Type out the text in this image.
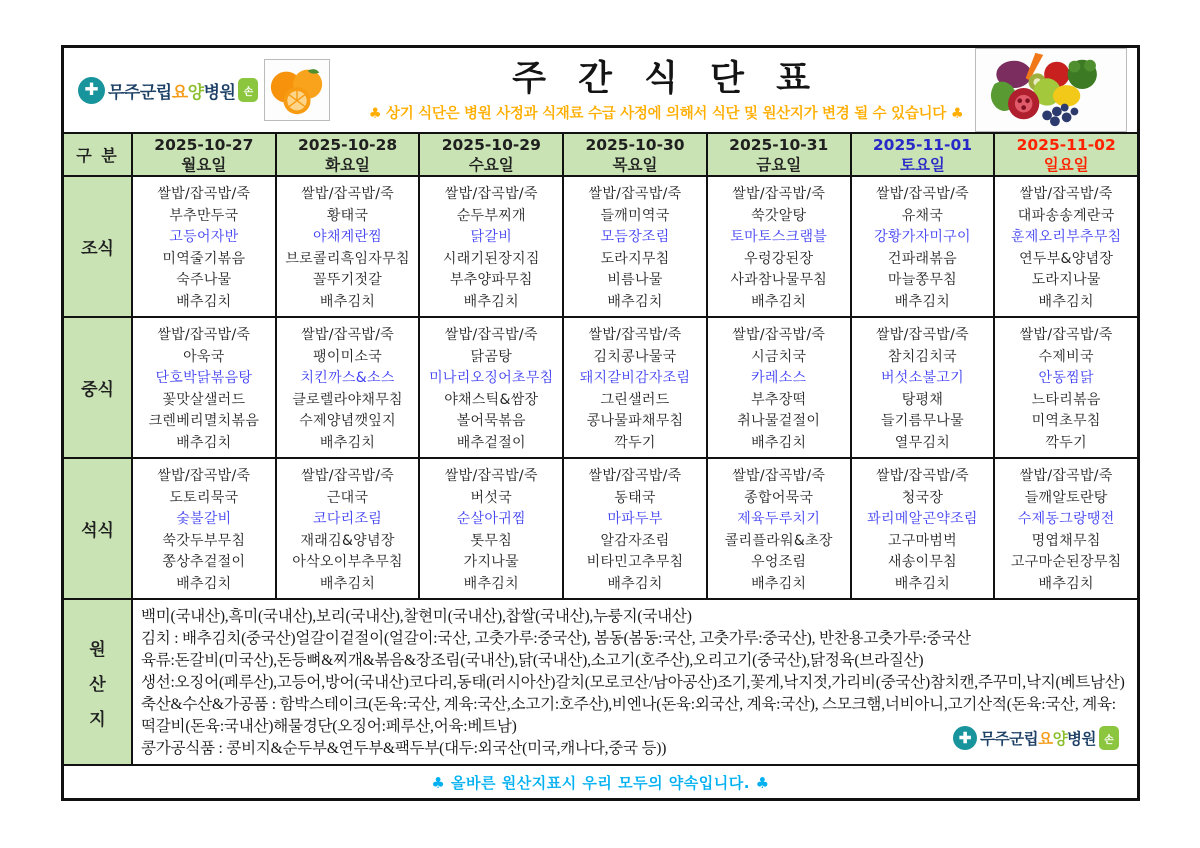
✚ 무주군립요양병원 손	주 간 식 단 표
♣ 상기 식단은 병원 사정과 식재료 수급 사정에 의해서 식단 및 원산지가 변경 될 수 있습니다 ♣
구 분
2025-10-27
월요일
2025-10-28
화요일
2025-10-29
수요일
2025-10-30
목요일
2025-10-31
금요일
2025-11-01
토요일
2025-11-02
일요일
조식
쌀밥/잡곡밥/죽
부추만두국
고등어자반
미역줄기볶음
숙주나물
배추김치
쌀밥/잡곡밥/죽
황태국
야채계란찜
브로콜리흑임자무침
꼴뚜기젓갈
배추김치
쌀밥/잡곡밥/죽
순두부찌개
닭갈비
시래기된장지짐
부추양파무침
배추김치
쌀밥/잡곡밥/죽
들깨미역국
모듬장조림
도라지무침
비름나물
배추김치
쌀밥/잡곡밥/죽
쑥갓알탕
토마토스크램블
우렁강된장
사과참나물무침
배추김치
쌀밥/잡곡밥/죽
유채국
강황가자미구이
건파래볶음
마늘쫑무침
배추김치
쌀밥/잡곡밥/죽
대파송송계란국
훈제오리부추무침
연두부&양념장
도라지나물
배추김치
중식
쌀밥/잡곡밥/죽
아욱국
단호박닭볶음탕
꽃맛살샐러드
크렌베리멸치볶음
배추김치
쌀밥/잡곡밥/죽
팽이미소국
치킨까스&소스
클로렐라야채무침
수제양념깻잎지
배추김치
쌀밥/잡곡밥/죽
닭곰탕
미나리오징어초무침
야채스틱&쌈장
볼어묵볶음
배추겉절이
쌀밥/잡곡밥/죽
김치콩나물국
돼지갈비감자조림
그린샐러드
콩나물파채무침
깍두기
쌀밥/잡곡밥/죽
시금치국
카레소스
부추장떡
취나물겉절이
배추김치
쌀밥/잡곡밥/죽
참치김치국
버섯소불고기
탕평채
들기름무나물
열무김치
쌀밥/잡곡밥/죽
수제비국
안동찜닭
느타리볶음
미역초무침
깍두기
석식
쌀밥/잡곡밥/죽
도토리묵국
숯불갈비
쑥갓두부무침
쫑상추겉절이
배추김치
쌀밥/잡곡밥/죽
근대국
코다리조림
재래김&양념장
아삭오이부추무침
배추김치
쌀밥/잡곡밥/죽
버섯국
순살아귀찜
톳무침
가지나물
배추김치
쌀밥/잡곡밥/죽
동태국
마파두부
알감자조림
비타민고추무침
배추김치
쌀밥/잡곡밥/죽
종합어묵국
제육두루치기
콜리플라워&초장
우엉조림
배추김치
쌀밥/잡곡밥/죽
청국장
꽈리메알곤약조림
고구마범벅
새송이무침
배추김치
쌀밥/잡곡밥/죽
들깨알토란탕
수제동그랑땡전
명엽채무침
고구마순된장무침
배추김치
원
산
지
✚ 무주군립요양병원 손
백미(국내산),흑미(국내산),보리(국내산),찰현미(국내산),찹쌀(국내산),누룽지(국내산)
김치 : 배추김치(중국산)얼갈이겉절이(얼갈이:국산, 고춧가루:중국산), 봄동(봄동:국산, 고춧가루:중국산), 반찬용고춧가루:중국산
육류:돈갈비(미국산),돈등뼈&찌개&볶음&장조림(국내산),닭(국내산),소고기(호주산),오리고기(중국산),닭정육(브라질산)
생선:오징어(페루산),고등어,방어(국내산)코다리,동태(러시아산)갈치(모로코산/남아공산)조기,꽃게,낙지젓,가리비(중국산)참치캔,주꾸미,낙지(베트남산)
축산&수산&가공품 : 함박스테이크(돈육:국산, 계육:국산,소고기:호주산),비엔나(돈육:외국산, 계육:국산), 스모크햄,너비아니,고기산적(돈육:국산, 계육:
떡갈비(돈육:국내산)해물경단(오징어:페루산,어육:베트남)
콩가공식품 : 콩비지&순두부&연두부&팩두부(대두:외국산(미국,캐나다,중국 등))
♣ 올바른 원산지표시 우리 모두의 약속입니다. ♣
